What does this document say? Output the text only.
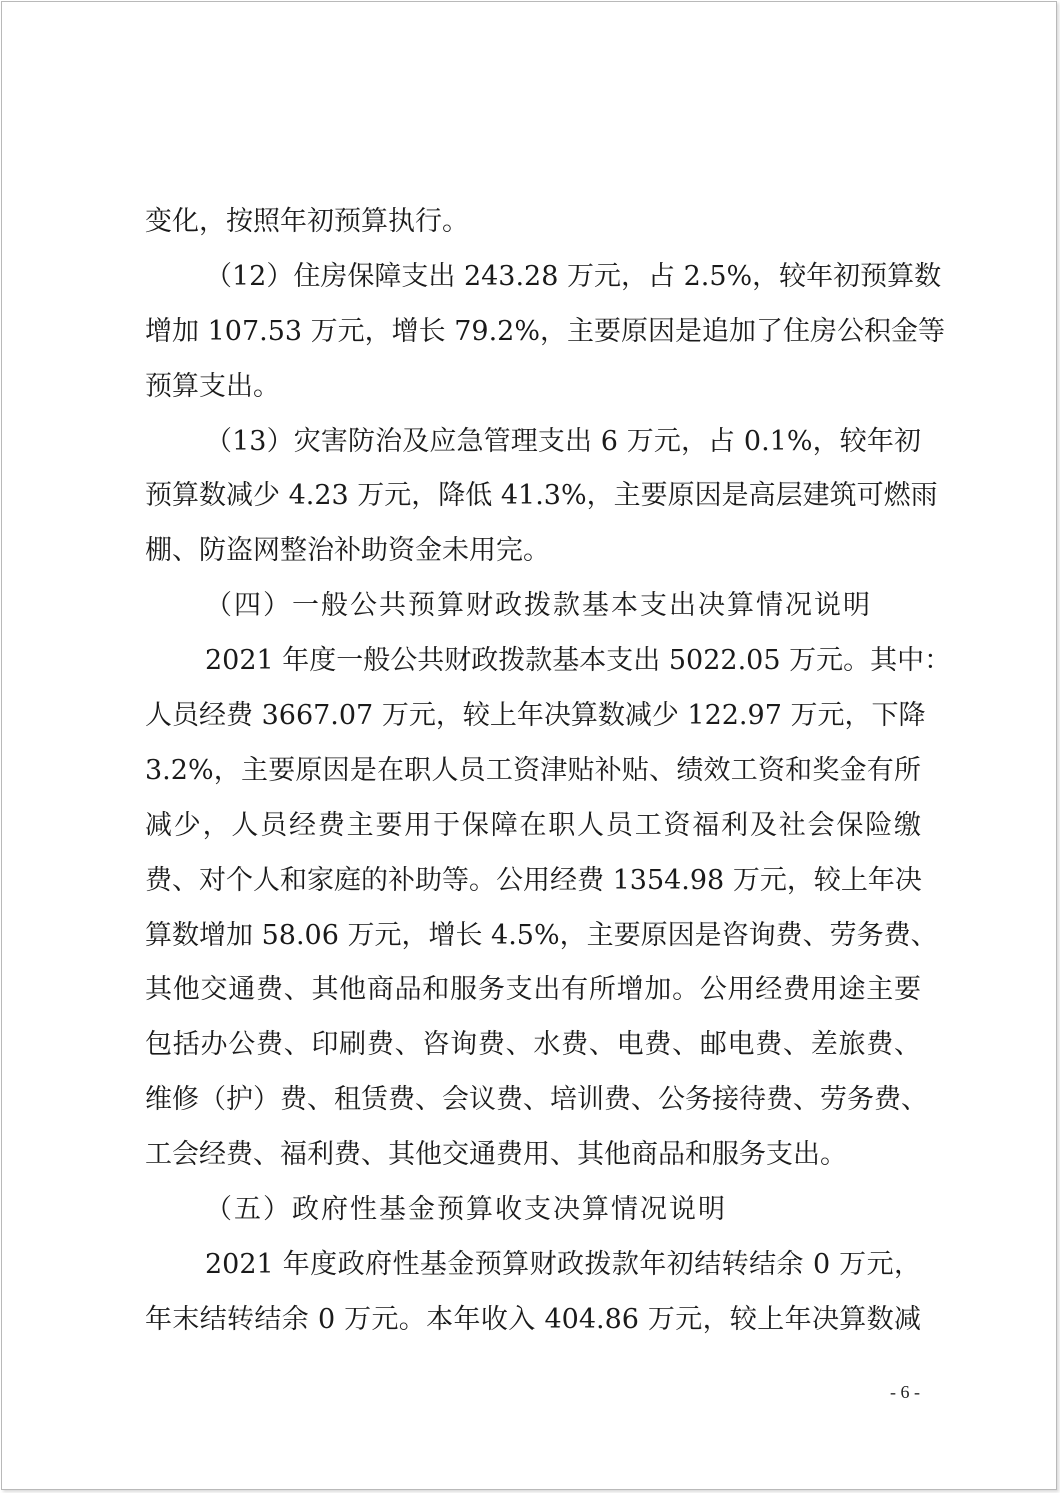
变化，按照年初预算执行。
（12）住房保障支出 243.28 万元，占 2.5%，较年初预算数
增加 107.53 万元，增长 79.2%，主要原因是追加了住房公积金等
预算支出。
（13）灾害防治及应急管理支出 6 万元，占 0.1%，较年初
预算数减少 4.23 万元，降低 41.3%，主要原因是高层建筑可燃雨
棚、防盗网整治补助资金未用完。
（四）一般公共预算财政拨款基本支出决算情况说明
2021 年度一般公共财政拨款基本支出 5022.05 万元。其中：
人员经费 3667.07 万元，较上年决算数减少 122.97 万元，下降
3.2%，主要原因是在职人员工资津贴补贴、绩效工资和奖金有所
减少，人员经费主要用于保障在职人员工资福利及社会保险缴
费、对个人和家庭的补助等。公用经费 1354.98 万元，较上年决
算数增加 58.06 万元，增长 4.5%，主要原因是咨询费、劳务费、
其他交通费、其他商品和服务支出有所增加。公用经费用途主要
包括办公费、印刷费、咨询费、水费、电费、邮电费、差旅费、
维修（护）费、租赁费、会议费、培训费、公务接待费、劳务费、
工会经费、福利费、其他交通费用、其他商品和服务支出。
（五）政府性基金预算收支决算情况说明
2021 年度政府性基金预算财政拨款年初结转结余 0 万元，
年末结转结余 0 万元。本年收入 404.86 万元，较上年决算数减
- 6 -
